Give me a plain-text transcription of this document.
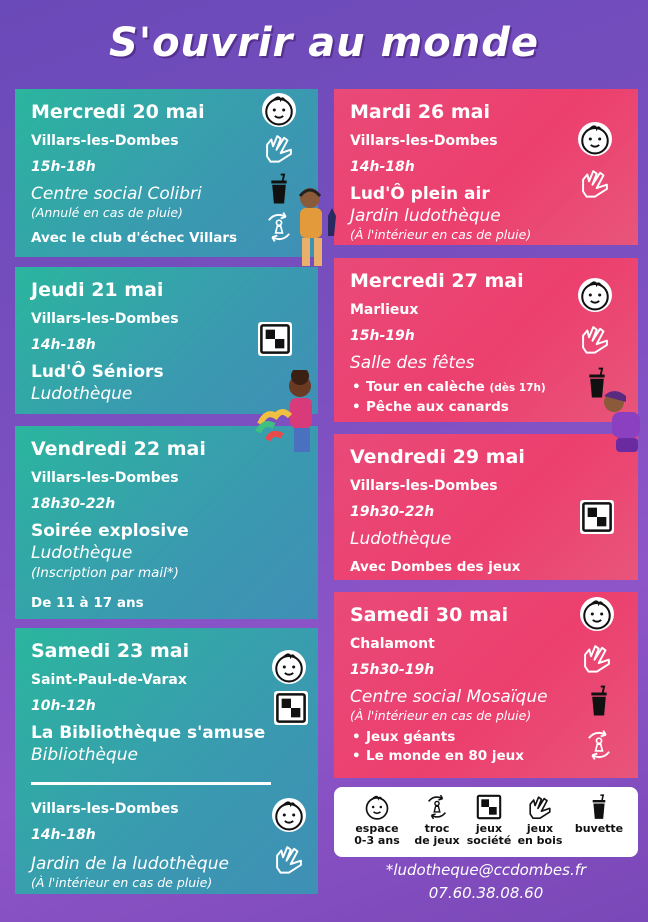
S'ouvrir au monde
Mercredi 20 mai
Villars-les-Dombes
15h-18h
Centre social Colibri
(Annulé en cas de pluie)
Avec le club d'échec Villars
Jeudi 21 mai
Villars-les-Dombes
14h-18h
Lud'Ô Séniors
Ludothèque
Vendredi 22 mai
Villars-les-Dombes
18h30-22h
Soirée explosive
Ludothèque
(Inscription par mail*)
De 11 à 17 ans
Samedi 23 mai
Saint-Paul-de-Varax
10h-12h
La Bibliothèque s'amuse
Bibliothèque
Villars-les-Dombes
14h-18h
Jardin de la ludothèque
(À l'intérieur en cas de pluie)
Mardi 26 mai
Villars-les-Dombes
14h-18h
Lud'Ô plein air
Jardin ludothèque
(À l'intérieur en cas de pluie)
Mercredi 27 mai
Marlieux
15h-19h
Salle des fêtes
• Tour en calèche (dès 17h)
• Pêche aux canards
Vendredi 29 mai
Villars-les-Dombes
19h30-22h
Ludothèque
Avec Dombes des jeux
Samedi 30 mai
Chalamont
15h30-19h
Centre social Mosaïque
(À l'intérieur en cas de pluie)
• Jeux géants
• Le monde en 80 jeux
espace
0-3 ans
troc
de jeux
jeux
société
jeux
en bois
buvette
*ludotheque@ccdombes.fr
07.60.38.08.60
